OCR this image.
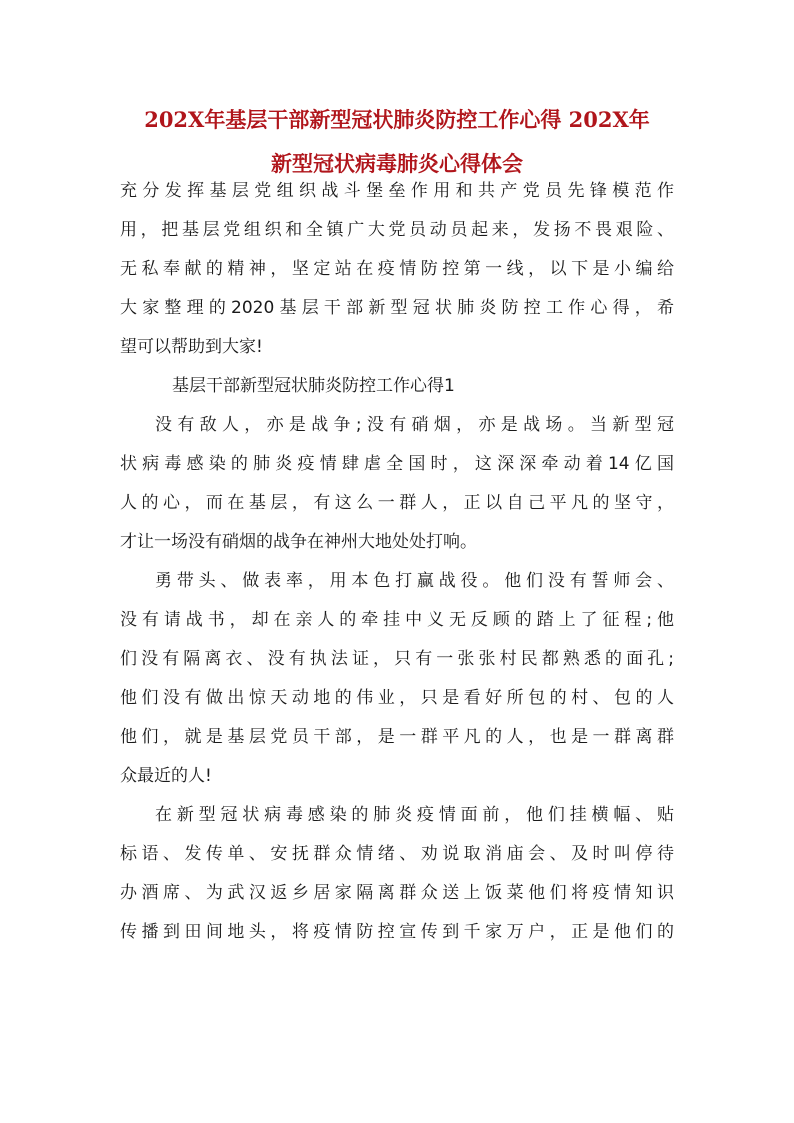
202X年基层干部新型冠状肺炎防控工作心得 202X年
新型冠状病毒肺炎心得体会
充分发挥基层党组织战斗堡垒作用和共产党员先锋模范作
用，把基层党组织和全镇广大党员动员起来，发扬不畏艰险、
无私奉献的精神，坚定站在疫情防控第一线，以下是小编给
大家整理的2020基层干部新型冠状肺炎防控工作心得，希
望可以帮助到大家!
基层干部新型冠状肺炎防控工作心得1
没有敌人，亦是战争;没有硝烟，亦是战场。当新型冠
状病毒感染的肺炎疫情肆虐全国时，这深深牵动着14亿国
人的心，而在基层，有这么一群人，正以自己平凡的坚守，
才让一场没有硝烟的战争在神州大地处处打响。
勇带头、做表率，用本色打赢战役。他们没有誓师会、
没有请战书，却在亲人的牵挂中义无反顾的踏上了征程;他
们没有隔离衣、没有执法证，只有一张张村民都熟悉的面孔;
他们没有做出惊天动地的伟业，只是看好所包的村、包的人
他们，就是基层党员干部，是一群平凡的人，也是一群离群
众最近的人!
在新型冠状病毒感染的肺炎疫情面前，他们挂横幅、贴
标语、发传单、安抚群众情绪、劝说取消庙会、及时叫停待
办酒席、为武汉返乡居家隔离群众送上饭菜他们将疫情知识
传播到田间地头，将疫情防控宣传到千家万户，正是他们的
